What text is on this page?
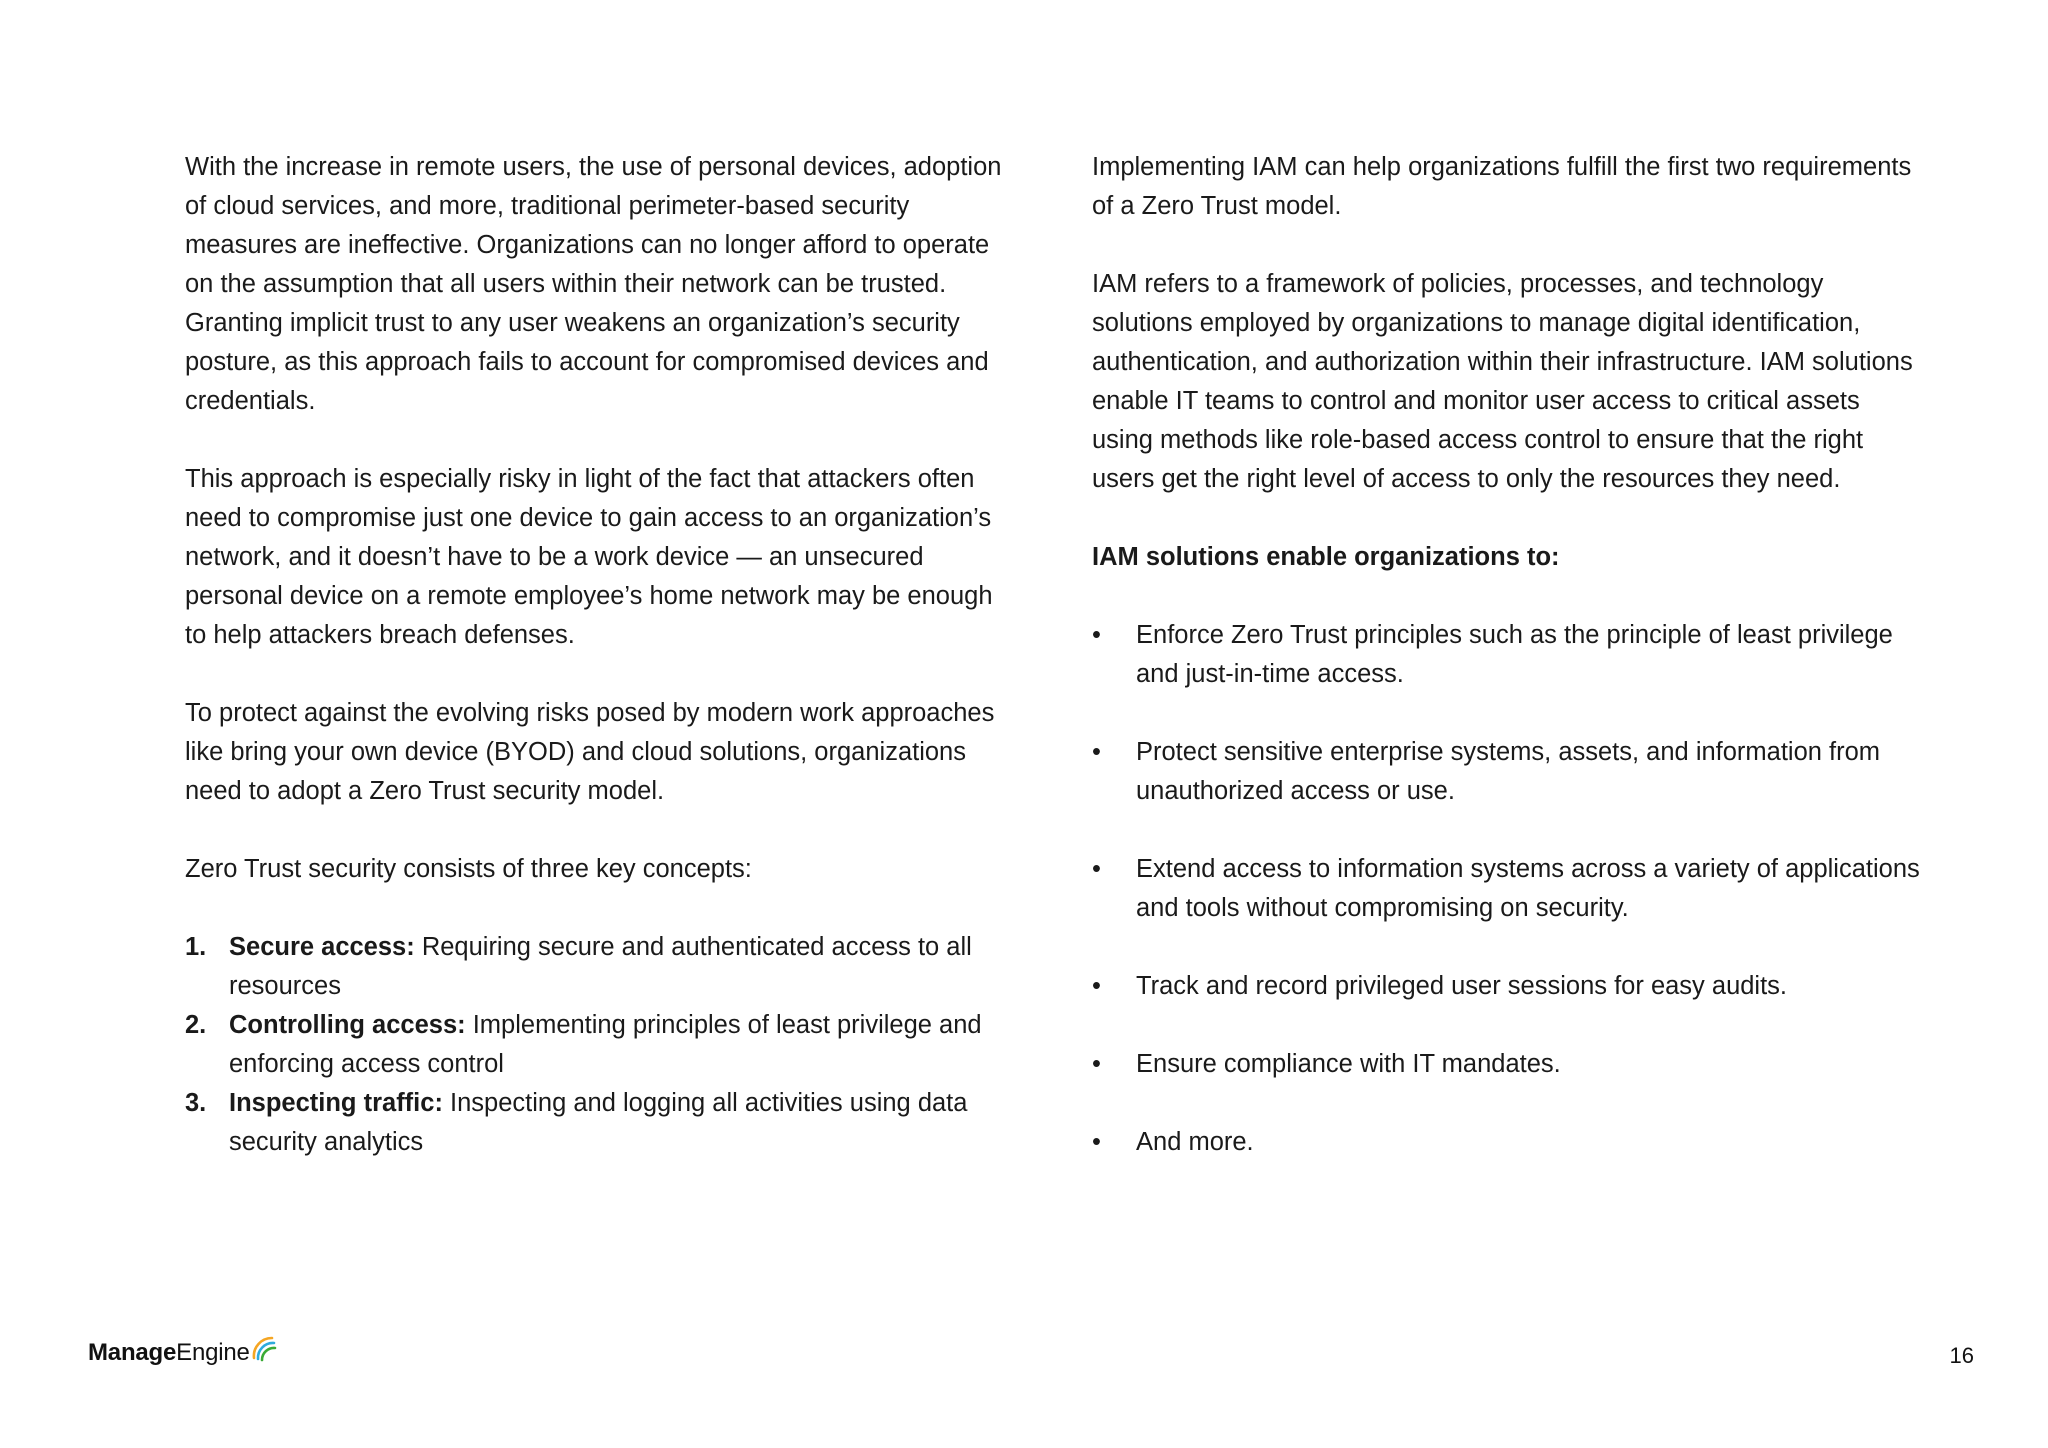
With the increase in remote users, the use of personal devices, adoption of cloud services, and more, traditional perimeter-based security measures are ineffective. Organizations can no longer afford to operate on the assumption that all users within their network can be trusted. Granting implicit trust to any user weakens an organization’s security posture, as this approach fails to account for compromised devices and credentials.

This approach is especially risky in light of the fact that attackers often need to compromise just one device to gain access to an organization’s network, and it doesn’t have to be a work device — an unsecured personal device on a remote employee’s home network may be enough to help attackers breach defenses.

To protect against the evolving risks posed by modern work approaches like bring your own device (BYOD) and cloud solutions, organizations need to adopt a Zero Trust security model.

Zero Trust security consists of three key concepts:

1. Secure access: Requiring secure and authenticated access to all resources
2. Controlling access: Implementing principles of least privilege and enforcing access control
3. Inspecting traffic: Inspecting and logging all activities using data security analytics

Implementing IAM can help organizations fulfill the first two requirements of a Zero Trust model.

IAM refers to a framework of policies, processes, and technology solutions employed by organizations to manage digital identification, authentication, and authorization within their infrastructure. IAM solutions enable IT teams to control and monitor user access to critical assets using methods like role-based access control to ensure that the right users get the right level of access to only the resources they need.

IAM solutions enable organizations to:

• Enforce Zero Trust principles such as the principle of least privilege and just-in-time access.
• Protect sensitive enterprise systems, assets, and information from unauthorized access or use.
• Extend access to information systems across a variety of applications and tools without compromising on security.
• Track and record privileged user sessions for easy audits.
• Ensure compliance with IT mandates.
• And more.
ManageEngine	16
